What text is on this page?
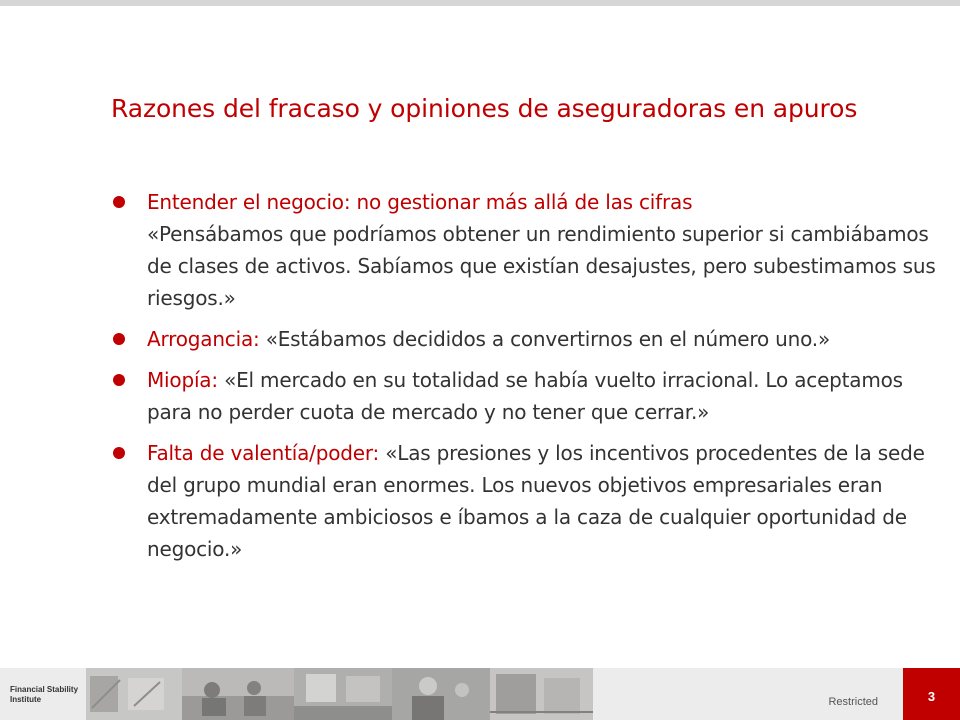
Razones del fracaso y opiniones de aseguradoras en apuros
Entender el negocio: no gestionar más allá de las cifras
«Pensábamos que podríamos obtener un rendimiento superior si cambiábamos de clases de activos. Sabíamos que existían desajustes, pero subestimamos sus riesgos.»
Arrogancia: «Estábamos decididos a convertirnos en el número uno.»
Miopía: «El mercado en su totalidad se había vuelto irracional. Lo aceptamos para no perder cuota de mercado y no tener que cerrar.»
Falta de valentía/poder: «Las presiones y los incentivos procedentes de la sede del grupo mundial eran enormes. Los nuevos objetivos empresariales eran extremadamente ambiciosos e íbamos a la caza de cualquier oportunidad de negocio.»
Financial Stability
Institute	Restricted	3
